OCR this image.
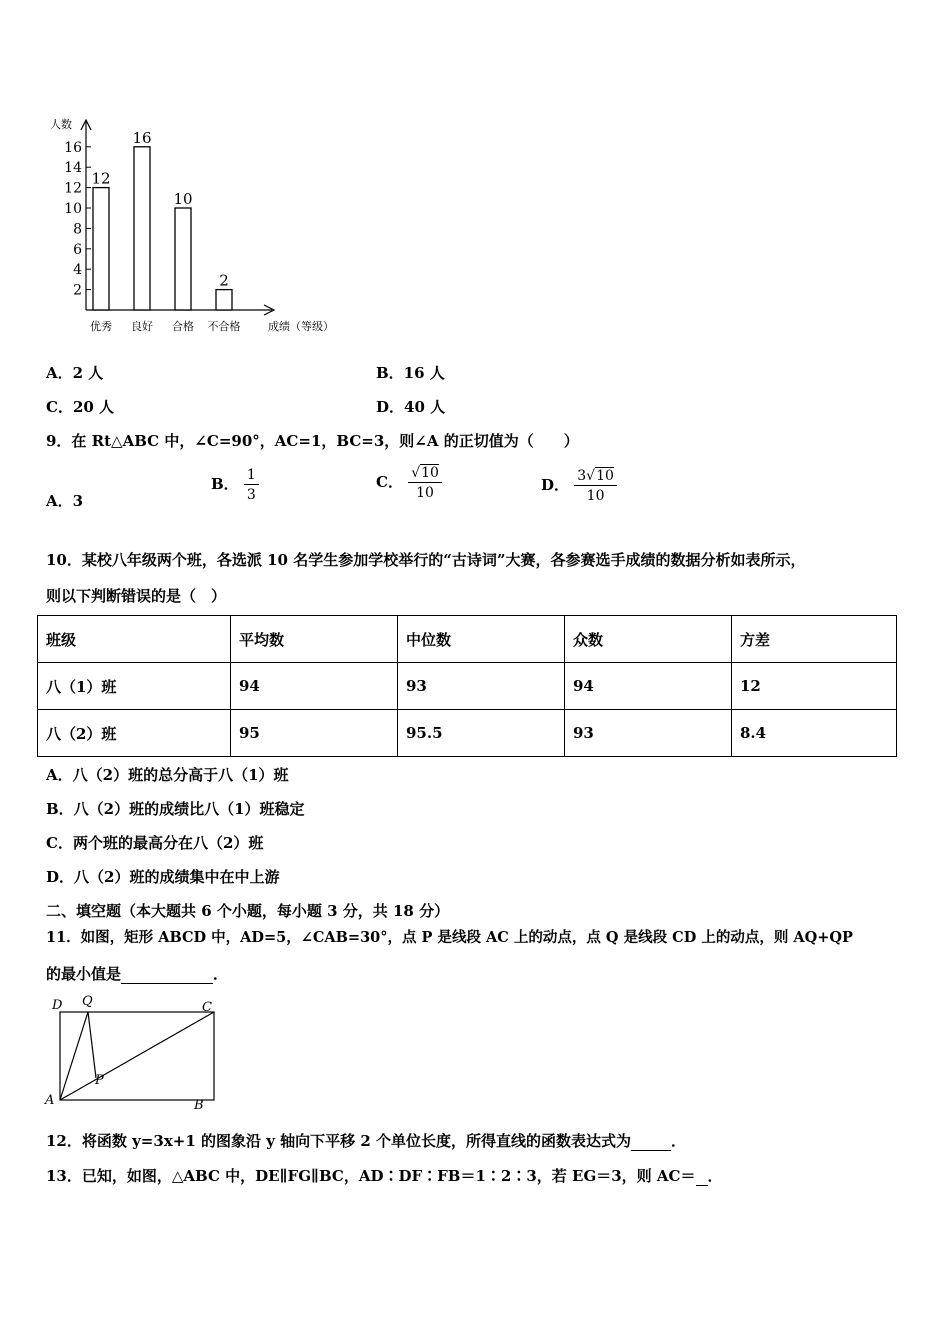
人数
成绩（等级）
2
4
6
8
10
12
14
16
12
优秀
16
良好
10
合格
2
不合格
A．2 人	B．16 人
C．20 人	D．40 人
9．在 Rt△ABC 中，∠C=90°，AC=1，BC=3，则∠A 的正切值为（　　）
A．3
B． $\frac{1}{3}$	C． $\frac{√10}{10}$	D． $\frac{3√10}{10}$
10．某校八年级两个班，各选派 10 名学生参加学校举行的“古诗词”大赛，各参赛选手成绩的数据分析如表所示，
则以下判断错误的是（　）
班级	平均数	中位数	众数	方差
八（1）班	94	93	94	12
八（2）班	95	95.5	93	8.4
A．八（2）班的总分高于八（1）班
B．八（2）班的成绩比八（1）班稳定
C．两个班的最高分在八（2）班
D．八（2）班的成绩集中在中上游
二、填空题（本大题共 6 个小题，每小题 3 分，共 18 分）
11．如图，矩形 ABCD 中，AD=5，∠CAB=30°，点 P 是线段 AC 上的动点，点 Q 是线段 CD 上的动点，则 AQ+QP
的最小值是	．
D Q	C
P
A	B
12．将函数 y=3x+1 的图象沿 y 轴向下平移 2 个单位长度，所得直线的函数表达式为	．
13．已知，如图，△ABC 中，DE∥FG∥BC，AD∶DF∶FB＝1∶2∶3，若 EG＝3，则 AC＝ ．
